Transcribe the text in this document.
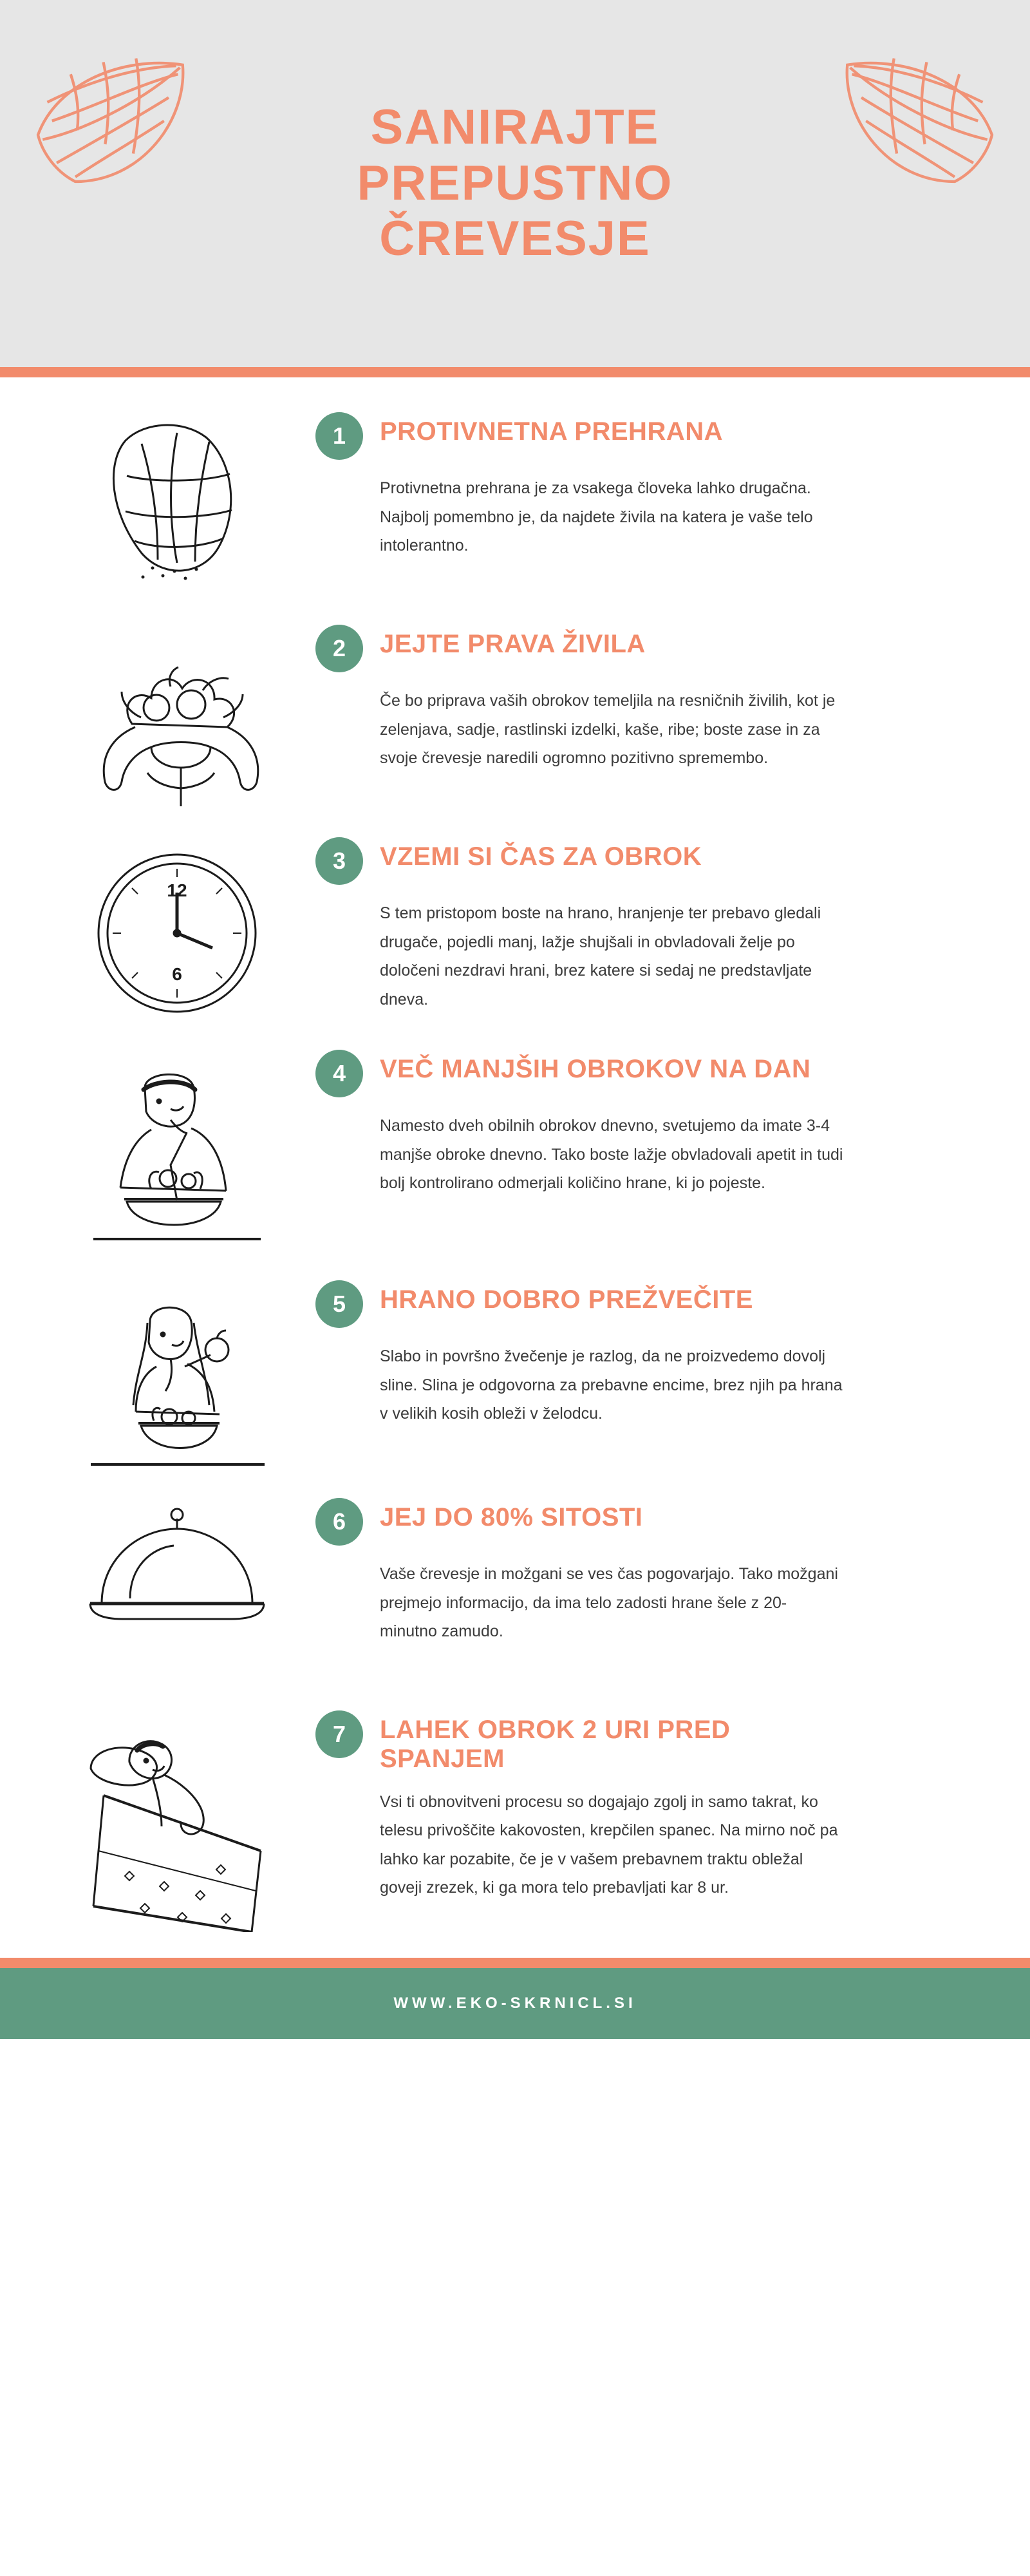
SANIRAJTE
PREPUSTNO
ČREVESJE
1	PROTIVNETNA PREHRANA
Protivnetna prehrana je za vsakega človeka lahko drugačna. Najbolj pomembno je, da najdete živila na katera je vaše telo intolerantno.
2	JEJTE PRAVA ŽIVILA
Če bo priprava vaših obrokov temeljila na resničnih živilih, kot je zelenjava, sadje, rastlinski izdelki, kaše, ribe; boste zase in za svoje črevesje naredili ogromno pozitivno spremembo.
12
6
3	VZEMI SI ČAS ZA OBROK
S tem pristopom boste na hrano, hranjenje ter prebavo gledali drugače, pojedli manj, lažje shujšali in obvladovali želje po določeni nezdravi hrani, brez katere si sedaj ne predstavljate dneva.
4	VEČ MANJŠIH OBROKOV NA DAN
Namesto dveh obilnih obrokov dnevno, svetujemo da imate 3-4 manjše obroke dnevno. Tako boste lažje obvladovali apetit in tudi bolj kontrolirano odmerjali količino hrane, ki jo pojeste.
5	HRANO DOBRO PREŽVEČITE
Slabo in površno žvečenje je razlog, da ne proizvedemo dovolj sline. Slina je odgovorna za prebavne encime, brez njih pa hrana v velikih kosih obleži v želodcu.
6	JEJ DO 80% SITOSTI
Vaše črevesje in možgani se ves čas pogovarjajo. Tako možgani prejmejo informacijo, da ima telo zadosti hrane šele z 20-minutno zamudo.
7	LAHEK OBROK 2 URI PRED SPANJEM
Vsi ti obnovitveni procesu so dogajajo zgolj in samo takrat, ko telesu privoščite kakovosten, krepčilen spanec. Na mirno noč pa lahko kar pozabite, če je v vašem prebavnem traktu obležal goveji zrezek, ki ga mora telo prebavljati kar 8 ur.
WWW.EKO-SKRNICL.SI
